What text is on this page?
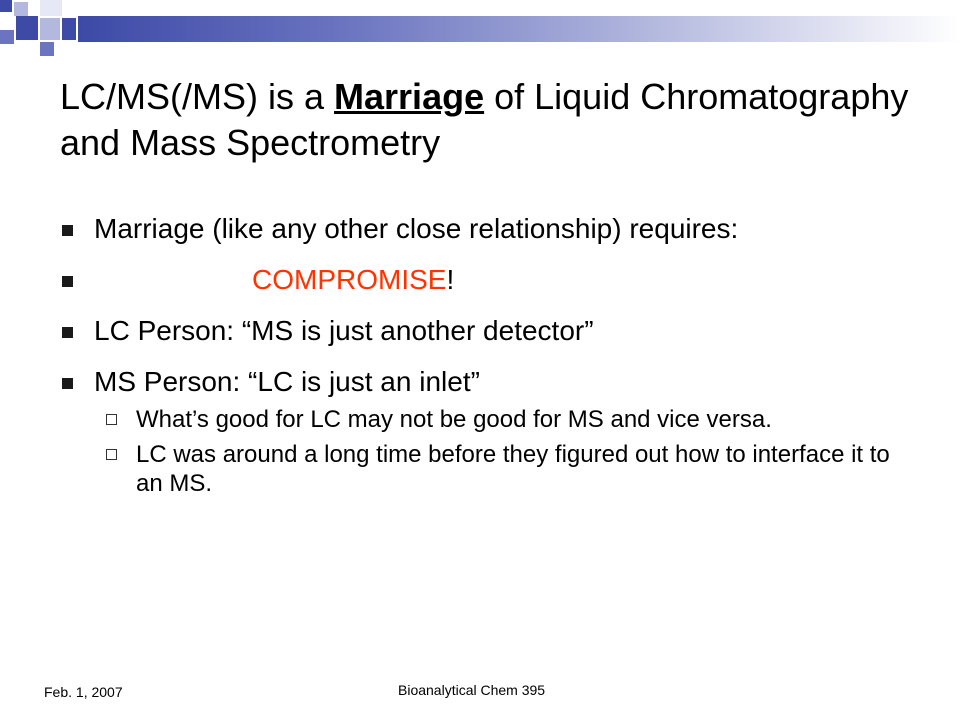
LC/MS(/MS) is a Marriage of Liquid Chromatography and Mass Spectrometry
Marriage (like any other close relationship) requires:
COMPROMISE!
LC Person: “MS is just another detector”
MS Person: “LC is just an inlet”
What’s good for LC may not be good for MS and vice versa.
LC was around a long time before they figured out how to interface it to an MS.
Feb. 1, 2007	Bioanalytical Chem 395
